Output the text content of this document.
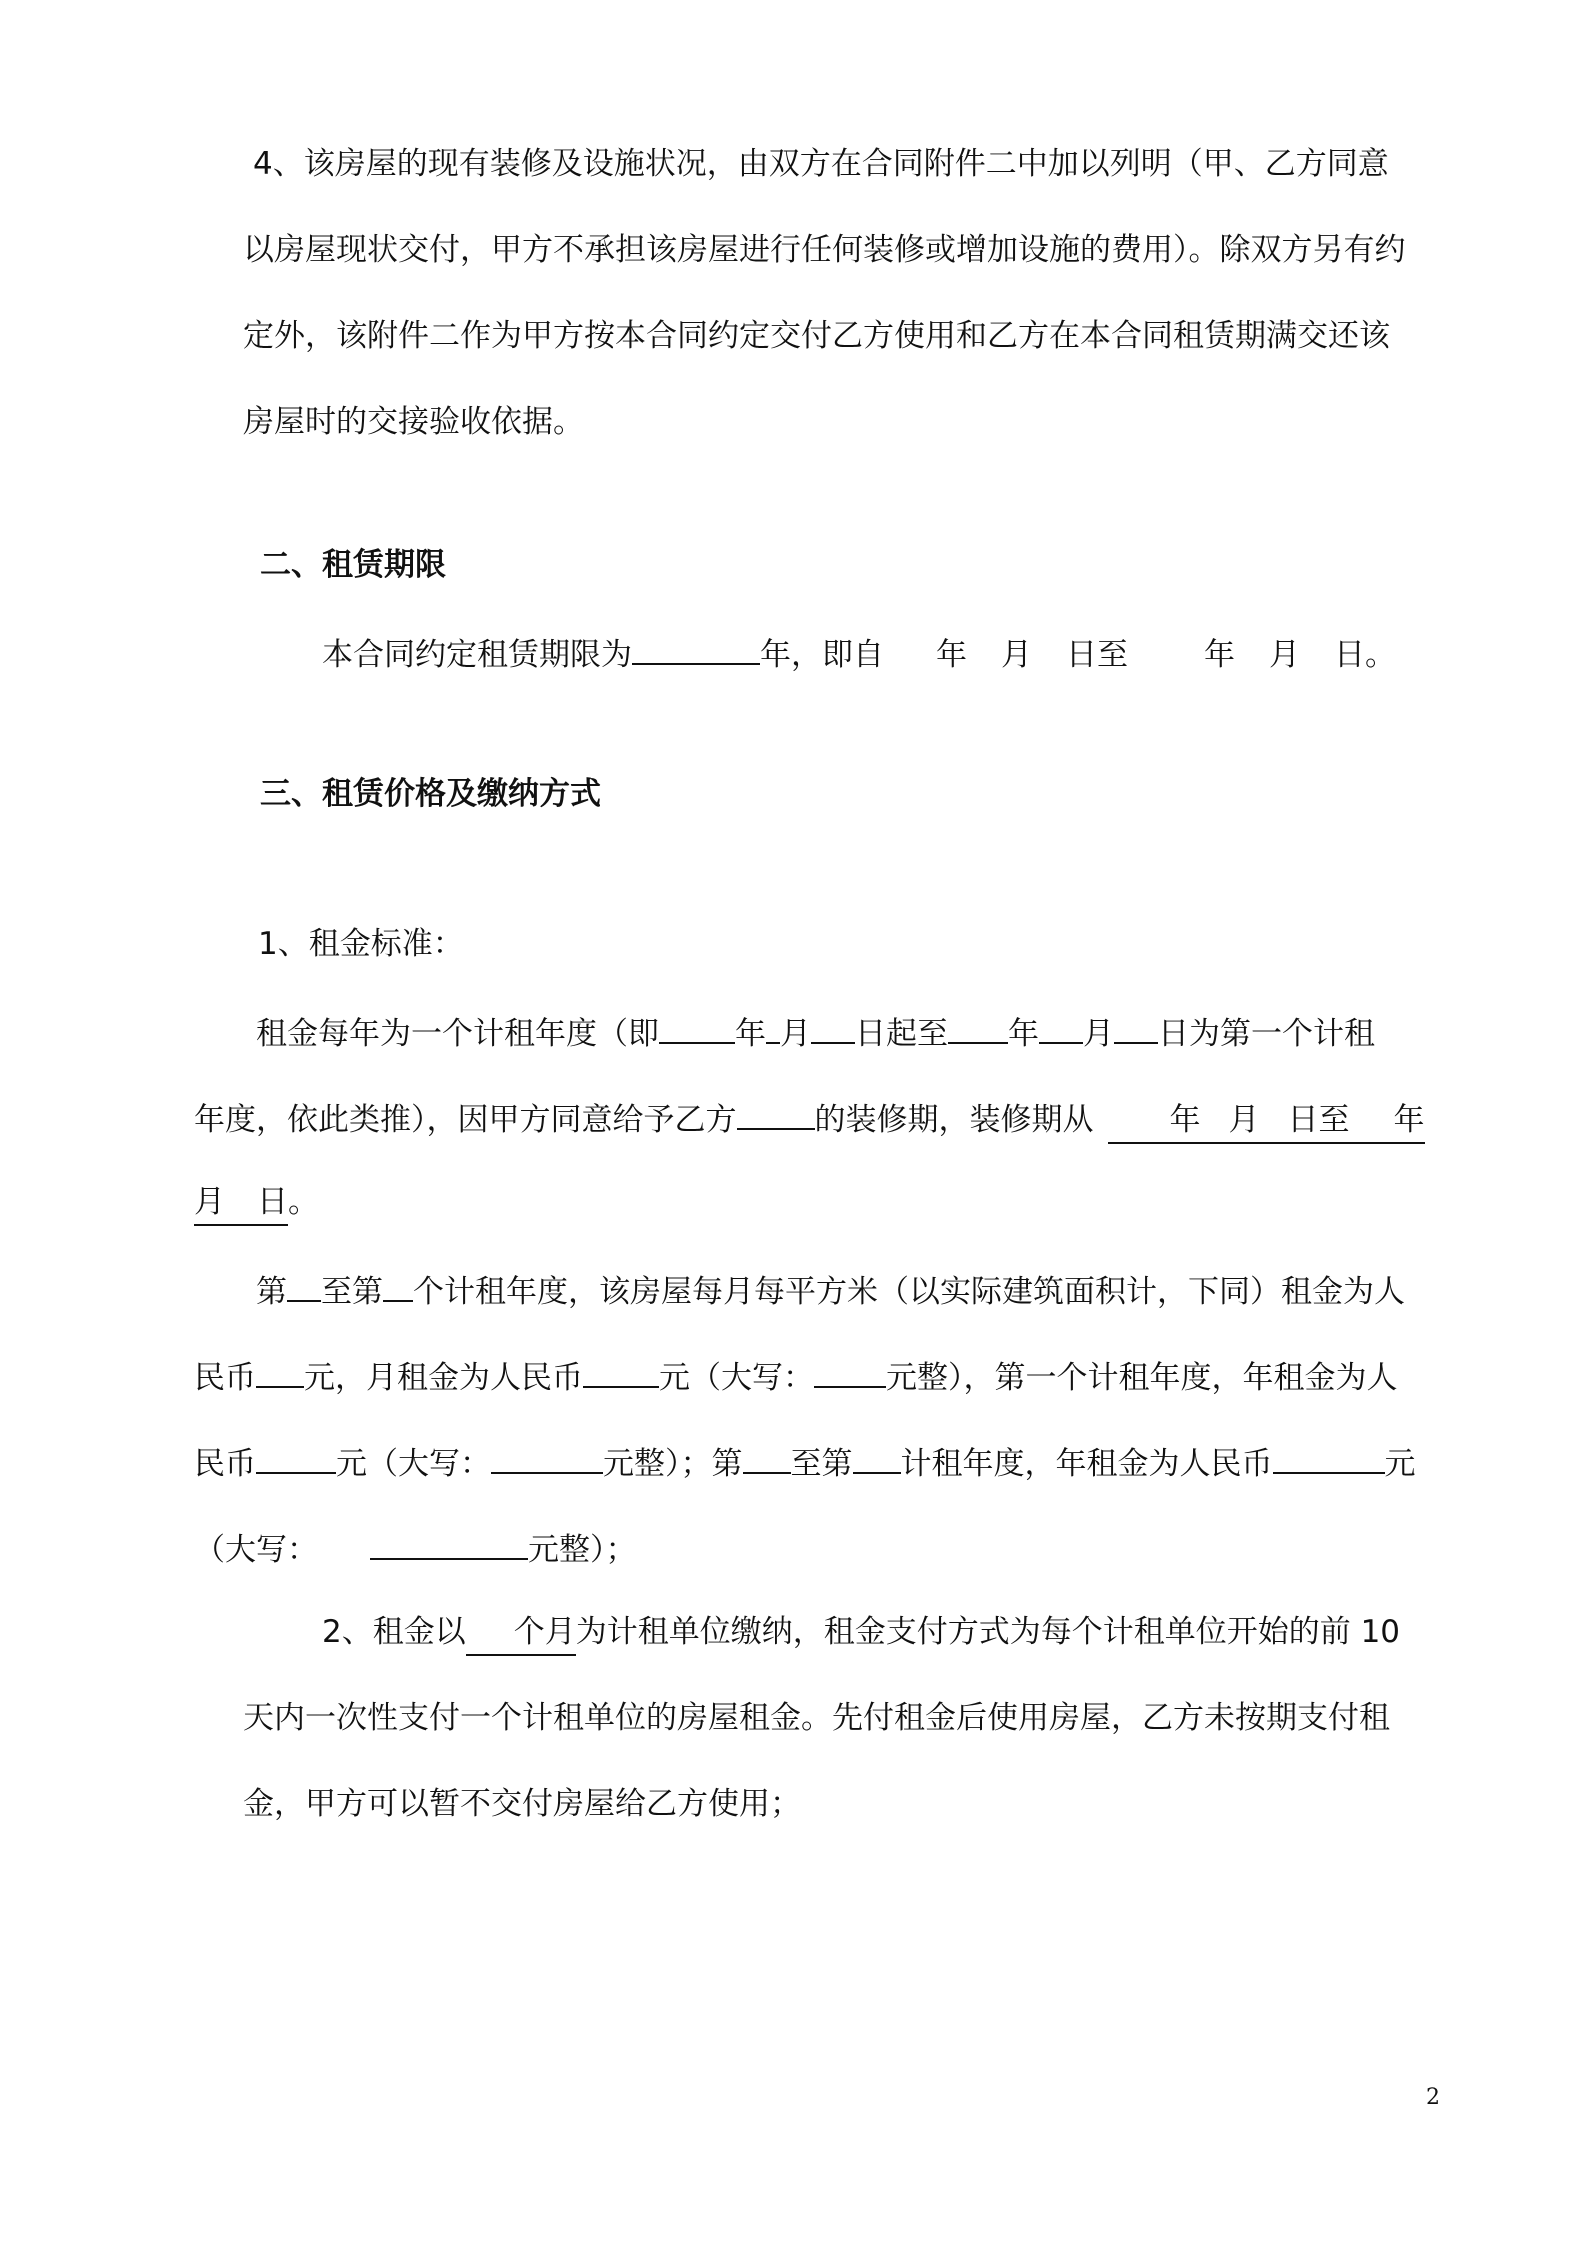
4、该房屋的现有装修及设施状况，由双方在合同附件二中加以列明（甲、乙方同意
以房屋现状交付，甲方不承担该房屋进行任何装修或增加设施的费用）。除双方另有约
定外，该附件二作为甲方按本合同约定交付乙方使用和乙方在本合同租赁期满交还该
房屋时的交接验收依据。
二、租赁期限
本合同约定租赁期限为	年，即自 年 月 日至 年 月 日。
三、租赁价格及缴纳方式
1、租金标准：
租金每年为一个计租年度（即 年 月 日起至 年 月 日为第一个计租
年度，依此类推），因甲方同意给予乙方	的装修期，装修期从 年 月 日至 年
月 日。
第 至第 个计租年度，该房屋每月每平方米（以实际建筑面积计，下同）租金为人
民币 元，月租金为人民币 元（大写： 元整），第一个计租年度，年租金为人
民币	元（大写：	元整）；第 至第 计租年度，年租金为人民币	元
（大写：	元整）；
2、租金以 个月为计租单位缴纳，租金支付方式为每个计租单位开始的前 10
天内一次性支付一个计租单位的房屋租金。先付租金后使用房屋，乙方未按期支付租
金，甲方可以暂不交付房屋给乙方使用；
2
